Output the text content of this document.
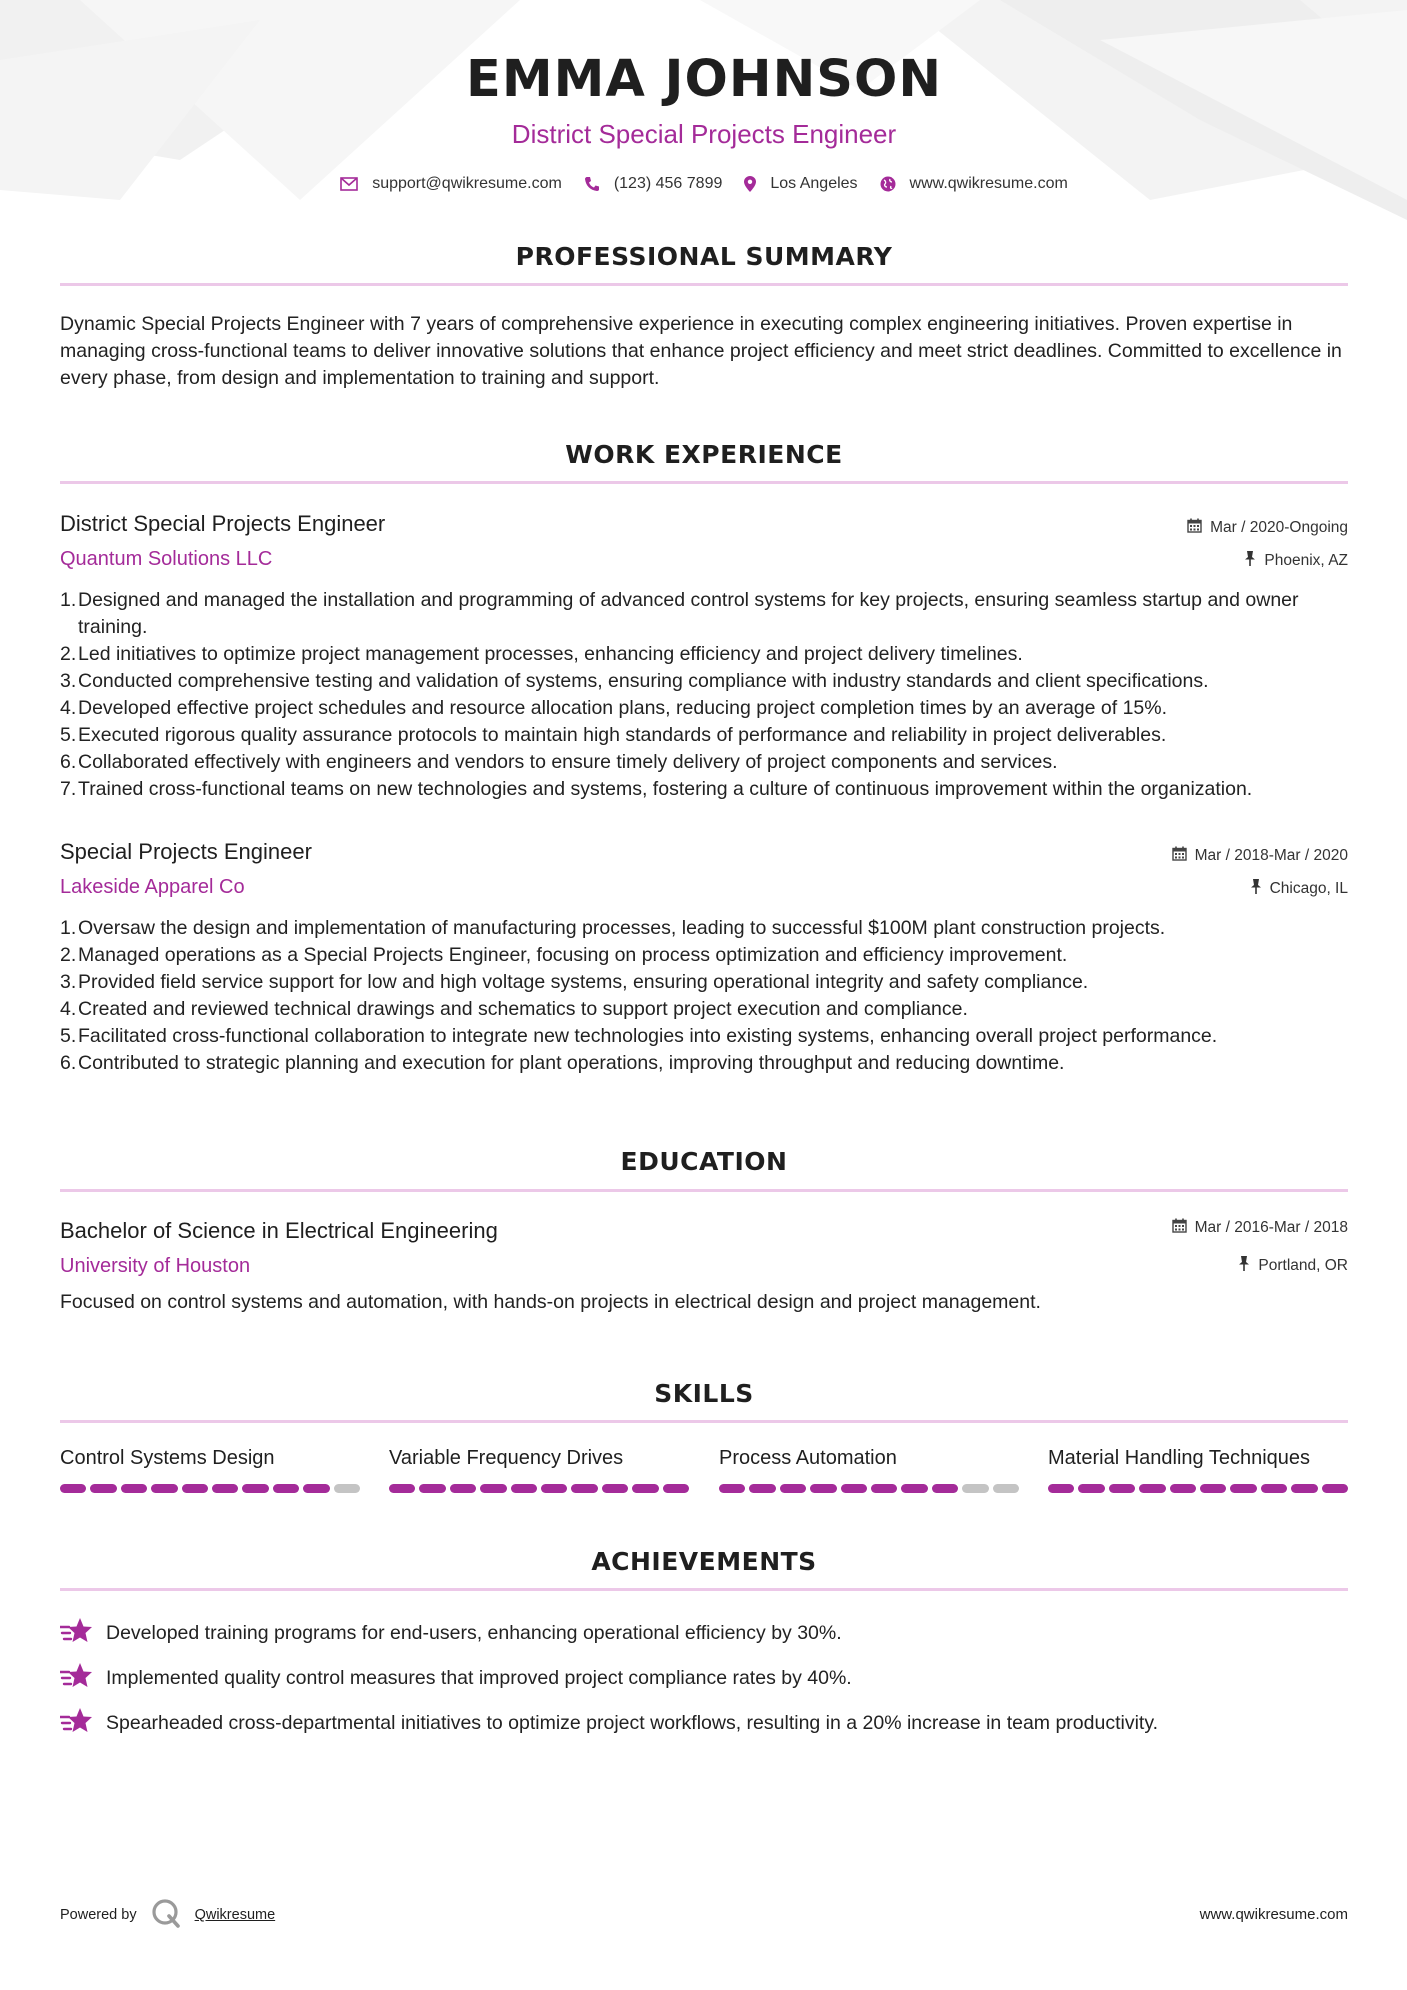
EMMA JOHNSON
District Special Projects Engineer
support@qwikresume.com	(123) 456 7899	Los Angeles	www.qwikresume.com
PROFESSIONAL SUMMARY
Dynamic Special Projects Engineer with 7 years of comprehensive experience in executing complex engineering initiatives. Proven expertise in managing cross-functional teams to deliver innovative solutions that enhance project efficiency and meet strict deadlines. Committed to excellence in every phase, from design and implementation to training and support.
WORK EXPERIENCE
District Special Projects Engineer
Quantum Solutions LLC
Mar / 2020-Ongoing
Phoenix, AZ
Designed and managed the installation and programming of advanced control systems for key projects, ensuring seamless startup and owner training.
Led initiatives to optimize project management processes, enhancing efficiency and project delivery timelines.
Conducted comprehensive testing and validation of systems, ensuring compliance with industry standards and client specifications.
Developed effective project schedules and resource allocation plans, reducing project completion times by an average of 15%.
Executed rigorous quality assurance protocols to maintain high standards of performance and reliability in project deliverables.
Collaborated effectively with engineers and vendors to ensure timely delivery of project components and services.
Trained cross-functional teams on new technologies and systems, fostering a culture of continuous improvement within the organization.
Special Projects Engineer
Lakeside Apparel Co
Mar / 2018-Mar / 2020
Chicago, IL
Oversaw the design and implementation of manufacturing processes, leading to successful $100M plant construction projects.
Managed operations as a Special Projects Engineer, focusing on process optimization and efficiency improvement.
Provided field service support for low and high voltage systems, ensuring operational integrity and safety compliance.
Created and reviewed technical drawings and schematics to support project execution and compliance.
Facilitated cross-functional collaboration to integrate new technologies into existing systems, enhancing overall project performance.
Contributed to strategic planning and execution for plant operations, improving throughput and reducing downtime.
EDUCATION
Bachelor of Science in Electrical Engineering
University of Houston
Mar / 2016-Mar / 2018
Portland, OR
Focused on control systems and automation, with hands-on projects in electrical design and project management.
SKILLS
Control Systems Design	Variable Frequency Drives	Process Automation	Material Handling Techniques
ACHIEVEMENTS
Developed training programs for end-users, enhancing operational efficiency by 30%.
Implemented quality control measures that improved project compliance rates by 40%.
Spearheaded cross-departmental initiatives to optimize project workflows, resulting in a 20% increase in team productivity.
Powered by	Qwikresume	www.qwikresume.com
